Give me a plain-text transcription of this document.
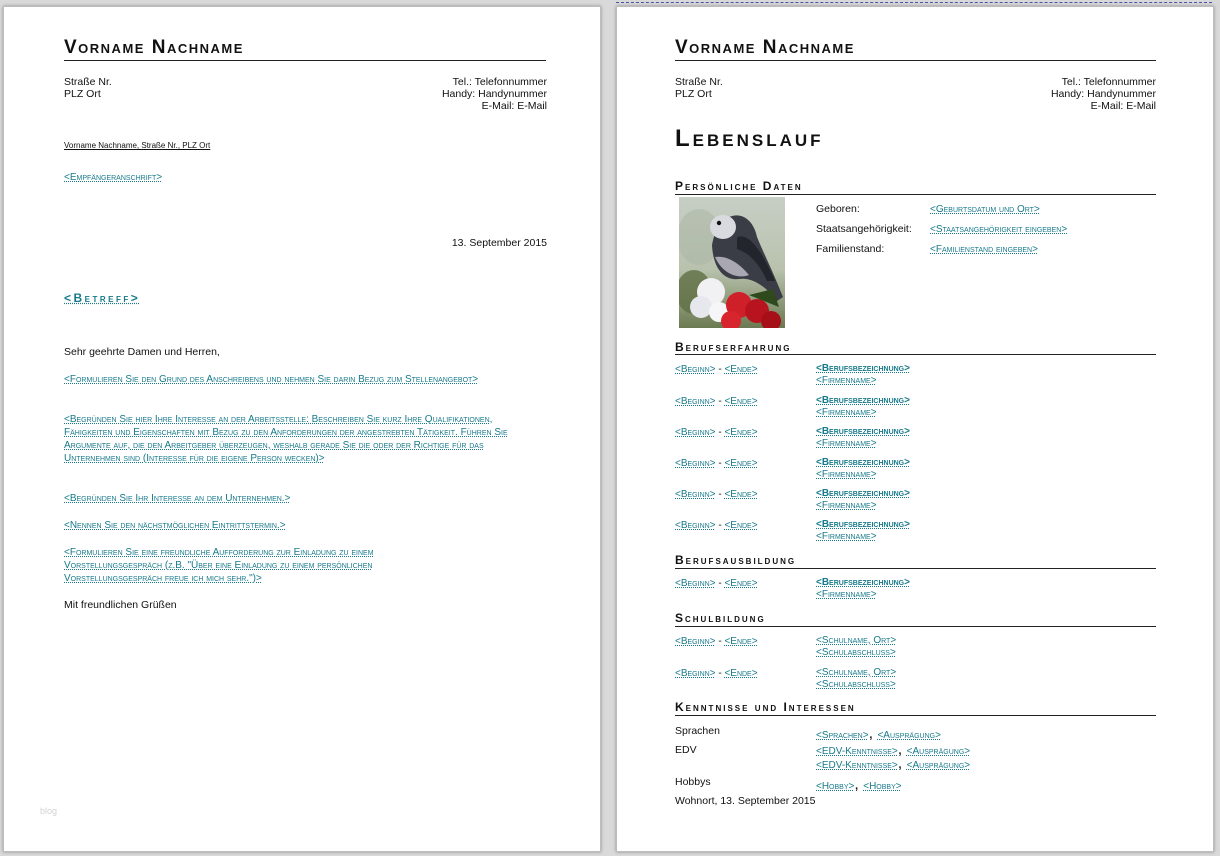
Vorname Nachname
Straße Nr.
PLZ Ort
Tel.: Telefonnummer
Handy: Handynummer
E-Mail: E-Mail
Vorname Nachname, Straße Nr., PLZ Ort
<Empfängeranschrift>
13. September 2015
<Betreff>
Sehr geehrte Damen und Herren,
<Formulieren Sie den Grund des Anschreibens und nehmen Sie darin Bezug zum Stellenangebot>
<Begründen Sie hier Ihre Interesse an der Arbeitsstelle: Beschreiben Sie kurz Ihre Qualifikationen, Fähigkeiten und Eigenschaften mit Bezug zu den Anforderungen der angestrebten Tätigkeit. Führen Sie Argumente auf, die den Arbeitgeber überzeugen, weshalb gerade Sie die oder der Richtige für das Unternehmen sind (Interesse für die eigene Person wecken)>
<Begründen Sie Ihr Interesse an dem Unternehmen.>
<Nennen Sie den nächstmöglichen Eintrittstermin.>
<Formulieren Sie eine freundliche Aufforderung zur Einladung zu einem Vorstellungsgespräch (z.B. "Über eine Einladung zu einem persönlichen Vorstellungsgespräch freue ich mich sehr.")>
Mit freundlichen Grüßen
blog
Vorname Nachname
Straße Nr.
PLZ Ort
Tel.: Telefonnummer
Handy: Handynummer
E-Mail: E-Mail
Lebenslauf
Persönliche Daten
Geboren:	<Geburtsdatum und Ort>
Staatsangehörigkeit: <Staatsangehörigkeit eingeben>
Familienstand:	<Familienstand eingeben>
Berufserfahrung
<Beginn> - <Ende>	<Berufsbezeichnung>
<Firmenname>
<Beginn> - <Ende>	<Berufsbezeichnung>
<Firmenname>
<Beginn> - <Ende>	<Berufsbezeichnung>
<Firmenname>
<Beginn> - <Ende>	<Berufsbezeichnung>
<Firmenname>
<Beginn> - <Ende>	<Berufsbezeichnung>
<Firmenname>
<Beginn> - <Ende>	<Berufsbezeichnung>
<Firmenname>
Berufsausbildung
<Beginn> - <Ende>	<Berufsbezeichnung>
<Firmenname>
Schulbildung
<Beginn> - <Ende>	<Schulname, Ort>
<Schulabschluss>
<Beginn> - <Ende>	<Schulname, Ort>
<Schulabschluss>
Kenntnisse und Interessen
Sprachen	<Sprachen>, <Ausprägung>
EDV	<EDV-Kenntnisse>, <Ausprägung>
<EDV-Kenntnisse>, <Ausprägung>
Hobbys	<Hobby>, <Hobby>
Wohnort, 13. September 2015
